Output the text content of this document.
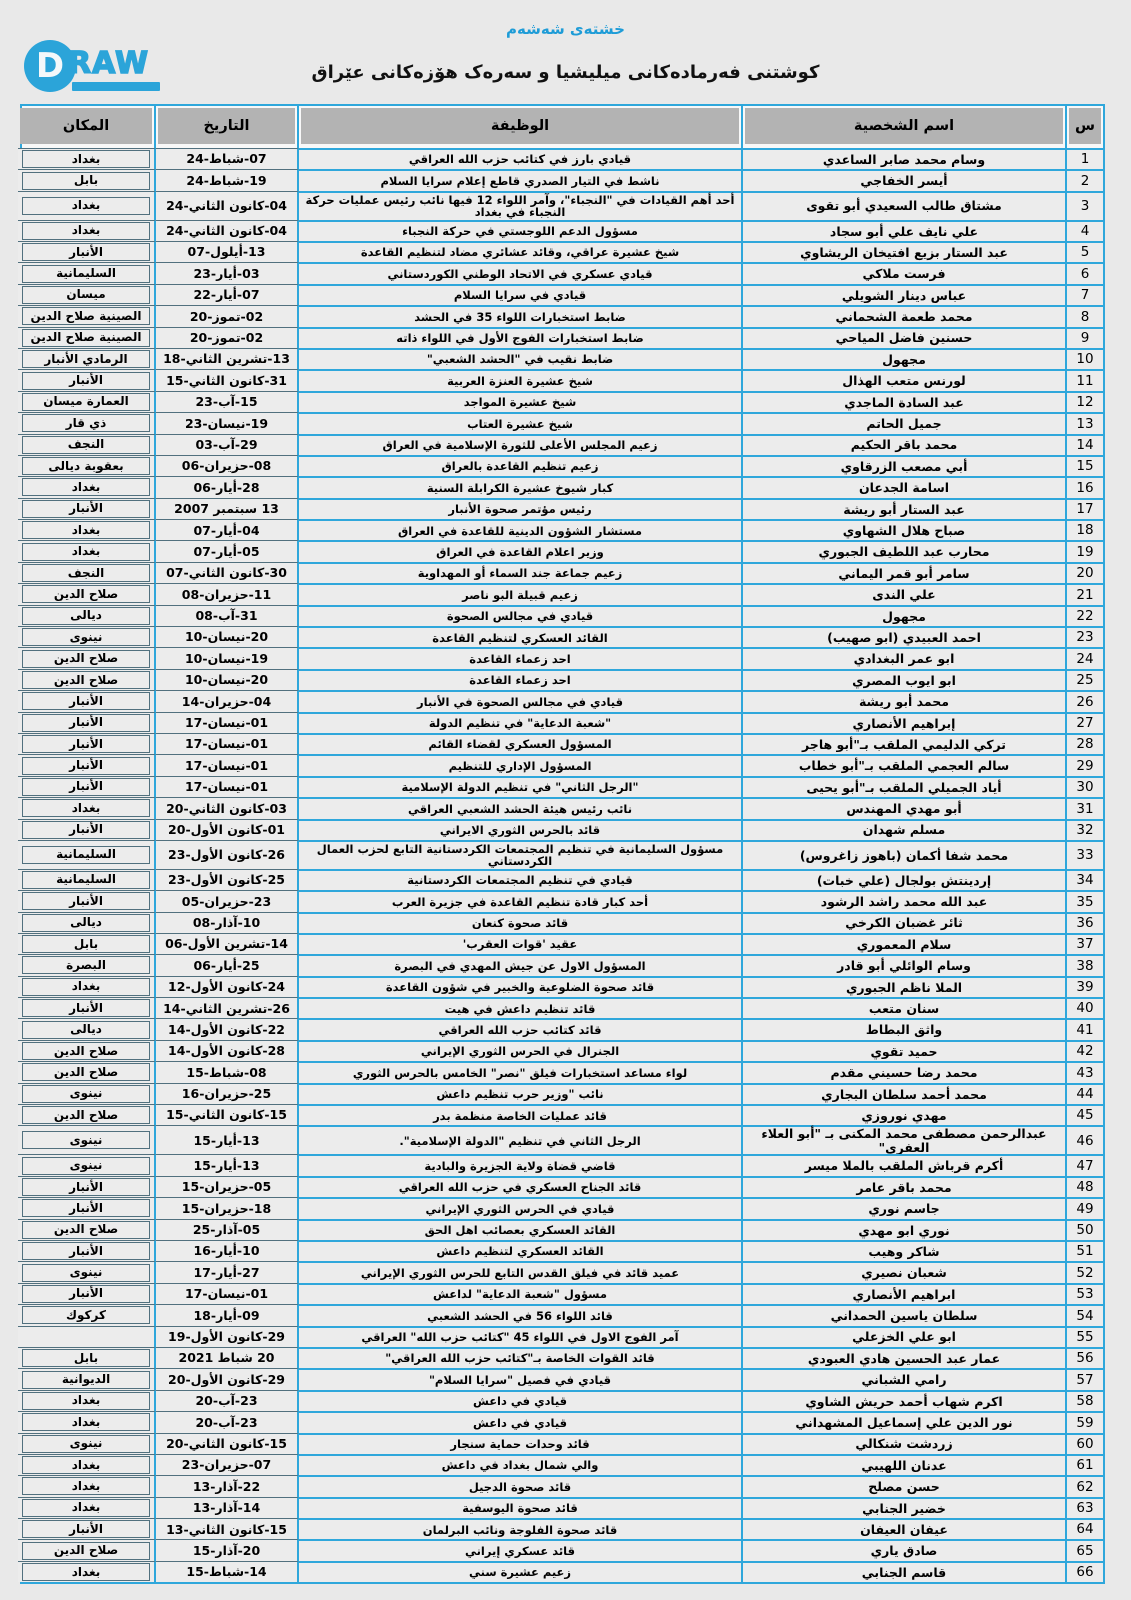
خشتەی شەشەم
D RAW	کوشتنی فەرمادەکانی میلیشیا و سەرەک هۆزەکانی عێراق
س
اسم الشخصية
الوظيفة
التاريخ
المكان
1
وسام محمد صابر الساعدي
قيادي بارز في كتائب حزب الله العراقي
07-شباط-24
بغداد
2
أيسر الخفاجي
ناشط في التيار الصدري قاطع إعلام سرايا السلام
19-شباط-24
بابل
3
مشتاق طالب السعيدي أبو تقوى
أحد أهم القيادات في "النجباء"، وآمر اللواء 12 فيها نائب رئيس عمليات حركة النجباء في بغداد
04-كانون الثاني-24
بغداد
4
علي نايف علي أبو سجاد
مسؤول الدعم اللوجستي في حركة النجباء
04-كانون الثاني-24
بغداد
5
عبد الستار بزيع افتيخان الريشاوي
شيخ عشيرة عراقي، وقائد عشائري مضاد لتنظيم القاعدة
13-أيلول-07
الأنبار
6
فرست ملاكي
قيادي عسكري في الاتحاد الوطني الكوردستاني
03-أيار-23
السليمانية
7
عباس دينار الشويلي
قيادي في سرايا السلام
07-أيار-22
ميسان
8
محمد طعمة الشحماني
ضابط استخبارات اللواء 35 في الحشد
02-تموز-20
الصينية صلاح الدين
9
حسنين فاضل المياحي
ضابط استخبارات الفوج الأول في اللواء ذاته
02-تموز-20
الصينية صلاح الدين
10
مجهول
ضابط نقيب في "الحشد الشعبي"
13-تشرين الثاني-18
الرمادي الأنبار
11
لورنس متعب الهذال
شيخ عشيرة العنزة العربية
31-كانون الثاني-15
الأنبار
12
عبد السادة الماجدي
شيخ عشيرة المواجد
15-آب-23
العمارة ميسان
13
جميل الحاتم
شيخ عشيرة العتاب
19-نيسان-23
ذي قار
14
محمد باقر الحكيم
زعيم المجلس الأعلى للثورة الإسلامية في العراق
29-آب-03
النجف
15
أبي مصعب الزرقاوي
زعيم تنظيم القاعدة بالعراق
08-حزيران-06
بعقوبة ديالى
16
اسامة الجدعان
كبار شيوخ عشيرة الكرابلة السنية
28-أيار-06
بغداد
17
عبد الستار أبو ريشة
رئيس مؤتمر صحوة الأنبار
13 سبتمبر 2007
الأنبار
18
صباح هلال الشهاوي
مستشار الشؤون الدينية للقاعدة في العراق
04-أيار-07
بغداد
19
محارب عبد اللطيف الجبوري
وزير اعلام القاعدة في العراق
05-أيار-07
بغداد
20
سامر أبو قمر اليماني
زعيم جماعة جند السماء أو المهداوية
30-كانون الثاني-07
النجف
21
علي الندى
زعيم قبيلة البو ناصر
11-حزيران-08
صلاح الدين
22
مجهول
قيادي في مجالس الصحوة
31-آب-08
ديالى
23
احمد العبيدي (ابو صهيب)
القائد العسكري لتنظيم القاعدة
20-نيسان-10
نينوى
24
ابو عمر البغدادي
احد زعماء القاعدة
19-نيسان-10
صلاح الدين
25
ابو ايوب المصري
احد زعماء القاعدة
20-نيسان-10
صلاح الدين
26
محمد أبو ريشة
قيادي في مجالس الصحوة في الأنبار
04-حزيران-14
الأنبار
27
إبراهيم الأنصاري
"شعبة الدعاية" في تنظيم الدولة
01-نيسان-17
الأنبار
28
تركي الدليمي الملقب بـ"أبو هاجر
المسؤول العسكري لقضاء القائم
01-نيسان-17
الأنبار
29
سالم العجمي الملقب بـ"أبو خطاب
المسؤول الإداري للتنظيم
01-نيسان-17
الأنبار
30
أياد الجميلي الملقب بـ"أبو يحيى
"الرجل الثاني" في تنظيم الدولة الإسلامية
01-نيسان-17
الأنبار
31
أبو مهدي المهندس
نائب رئيس هيئة الحشد الشعبي العراقي
03-كانون الثاني-20
بغداد
32
مسلم شهدان
قائد بالحرس الثوري الايراني
01-كانون الأول-20
الأنبار
33
محمد شفا أكمان (باهوز زاغروس)
مسؤول السليمانية في تنظيم المجتمعات الكردستانية التابع لحزب العمال الكردستاني
26-كانون الأول-23
السليمانية
34
إردينتش بولجال (علي خبات)
قيادي في تنظيم المجتمعات الكردستانية
25-كانون الأول-23
السليمانية
35
عبد الله محمد راشد الرشود
أحد كبار قادة تنظيم القاعدة في جزيرة العرب
23-حزيران-05
الأنبار
36
ثائر غضبان الكرخي
قائد صحوة كنعان
10-آذار-08
ديالى
37
سلام المعموري
عقيد 'قوات العقرب'
14-تشرين الأول-06
بابل
38
وسام الوائلي أبو قادر
المسؤول الاول عن جيش المهدي في البصرة
25-أيار-06
البصرة
39
الملا ناظم الجبوري
قائد صحوة الضلوعية والخبير في شؤون القاعدة
24-كانون الأول-12
بغداد
40
سنان متعب
قائد تنظيم داعش في هيت
26-تشرين الثاني-14
الأنبار
41
واثق البطاط
قائد كتائب حزب الله العراقي
22-كانون الأول-14
ديالى
42
حميد تقوي
الجنرال في الحرس الثوري الإيراني
28-كانون الأول-14
صلاح الدين
43
محمد رضا حسيني مقدم
لواء مساعد استخبارات فيلق "نصر" الخامس بالحرس الثوري
08-شباط-15
صلاح الدين
44
محمد أحمد سلطان البجاري
نائب "وزير حرب تنظيم داعش
25-حزيران-16
نينوى
45
مهدي نوروزي
قائد عمليات الخاصة منظمة بدر
15-كانون الثاني-15
صلاح الدين
46
عبدالرحمن مصطفى محمد المكنى بـ "أبو العلاء العفري"
الرجل الثاني في تنظيم "الدولة الإسلامية".
13-أيار-15
نينوى
47
أكرم قرباش الملقب بالملا ميسر
قاضي قضاة ولاية الجزيرة والبادية
13-أيار-15
نينوى
48
محمد باقر عامر
قائد الجناح العسكري في حزب الله العراقي
05-حزيران-15
الأنبار
49
جاسم نوري
قيادي في الحرس الثوري الإيراني
18-حزيران-15
الأنبار
50
نوري ابو مهدي
القائد العسكري بعصائب اهل الحق
05-آذار-25
صلاح الدين
51
شاكر وهيب
القائد العسكري لتنظيم داعش
10-أيار-16
الأنبار
52
شعبان نصيري
عميد قائد في فيلق القدس التابع للحرس الثوري الإيراني
27-أيار-17
نينوى
53
ابراهيم الأنصاري
مسؤول "شعبة الدعاية" لداعش
01-نيسان-17
الأنبار
54
سلطان ياسين الحمداني
قائد اللواء 56 في الحشد الشعبي
09-أيار-18
كركوك
55
ابو علي الخزعلي
آمر الفوج الاول في اللواء 45 "كتائب حزب الله" العراقي
29-كانون الأول-19
56
عمار عبد الحسين هادي العبودي
قائد القوات الخاصة بـ"كتائب حزب الله العراقي"
20 شباط 2021
بابل
57
رامي الشباني
قيادي في فصيل "سرايا السلام"
29-كانون الأول-20
الديوانية
58
اكرم شهاب أحمد حريش الشاوي
قيادي في داعش
23-آب-20
بغداد
59
نور الدين علي إسماعيل المشهداني
قيادي في داعش
23-آب-20
بغداد
60
زردشت شنكالي
قائد وحدات حماية سنجار
15-كانون الثاني-20
نينوى
61
عدنان اللهيبي
والي شمال بغداد في داعش
07-حزيران-23
بغداد
62
حسن مصلح
قائد صحوة الدجيل
22-آذار-13
بغداد
63
خضير الجنابي
قائد صحوة اليوسفية
14-آذار-13
بغداد
64
عيفان العيفان
قائد صحوة الفلوجة ونائب البرلمان
15-كانون الثاني-13
الأنبار
65
صادق ياري
قائد عسكري إيراني
20-آذار-15
صلاح الدين
66
قاسم الجنابي
زعيم عشيرة سني
14-شباط-15
بغداد
